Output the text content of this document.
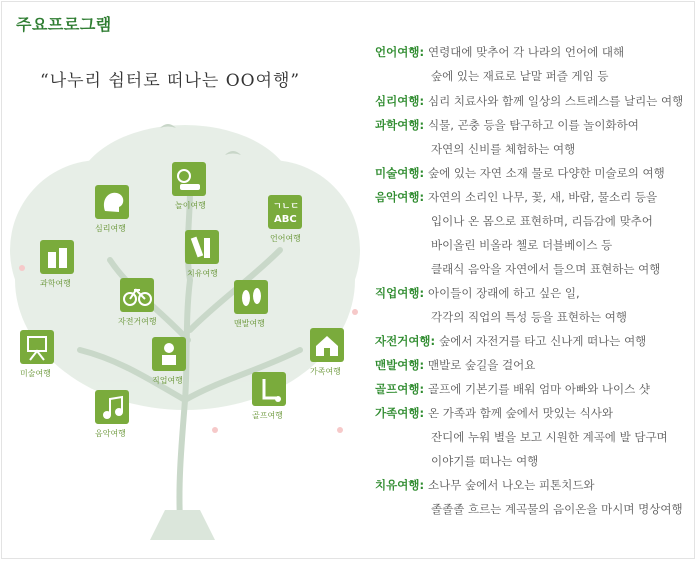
주요프로그램
“나누리 쉼터로 떠나는 OO여행”
놀이여행
심리여행
ㄱㄴㄷ
ABC
언어여행
치유여행
과학여행
자전거여행	맨발여행
미술여행
직업여행
가족여행
음악여행
골프여행
언어여행: 연령대에 맞추어 각 나라의 언어에 대해
숲에 있는 재료로 낱말 퍼즐 게임 등
심리여행: 심리 치료사와 함께 일상의 스트레스를 날리는 여행
과학여행: 식물, 곤충 등을 탐구하고 이를 놀이화하여
자연의 신비를 체험하는 여행
미술여행: 숲에 있는 자연 소재 물로 다양한 미술로의 여행
음악여행: 자연의 소리인 나무, 꽃, 새, 바람, 물소리 등을
입이나 온 몸으로 표현하며, 리듬감에 맞추어
바이올린 비올라 첼로 더블베이스 등
클래식 음악을 자연에서 들으며 표현하는 여행
직업여행: 아이들이 장래에 하고 싶은 일,
각각의 직업의 특성 등을 표현하는 여행
자전거여행: 숲에서 자전거를 타고 신나게 떠나는 여행
맨발여행: 맨발로 숲길을 걸어요
골프여행: 골프에 기본기를 배워 엄마 아빠와 나이스 샷
가족여행: 온 가족과 함께 숲에서 맛있는 식사와
잔디에 누워 별을 보고 시원한 계곡에 발 담구며
이야기를 떠나는 여행
치유여행: 소나무 숲에서 나오는 피톤치드와
졸졸졸 흐르는 계곡물의 음이온을 마시며 명상여행
